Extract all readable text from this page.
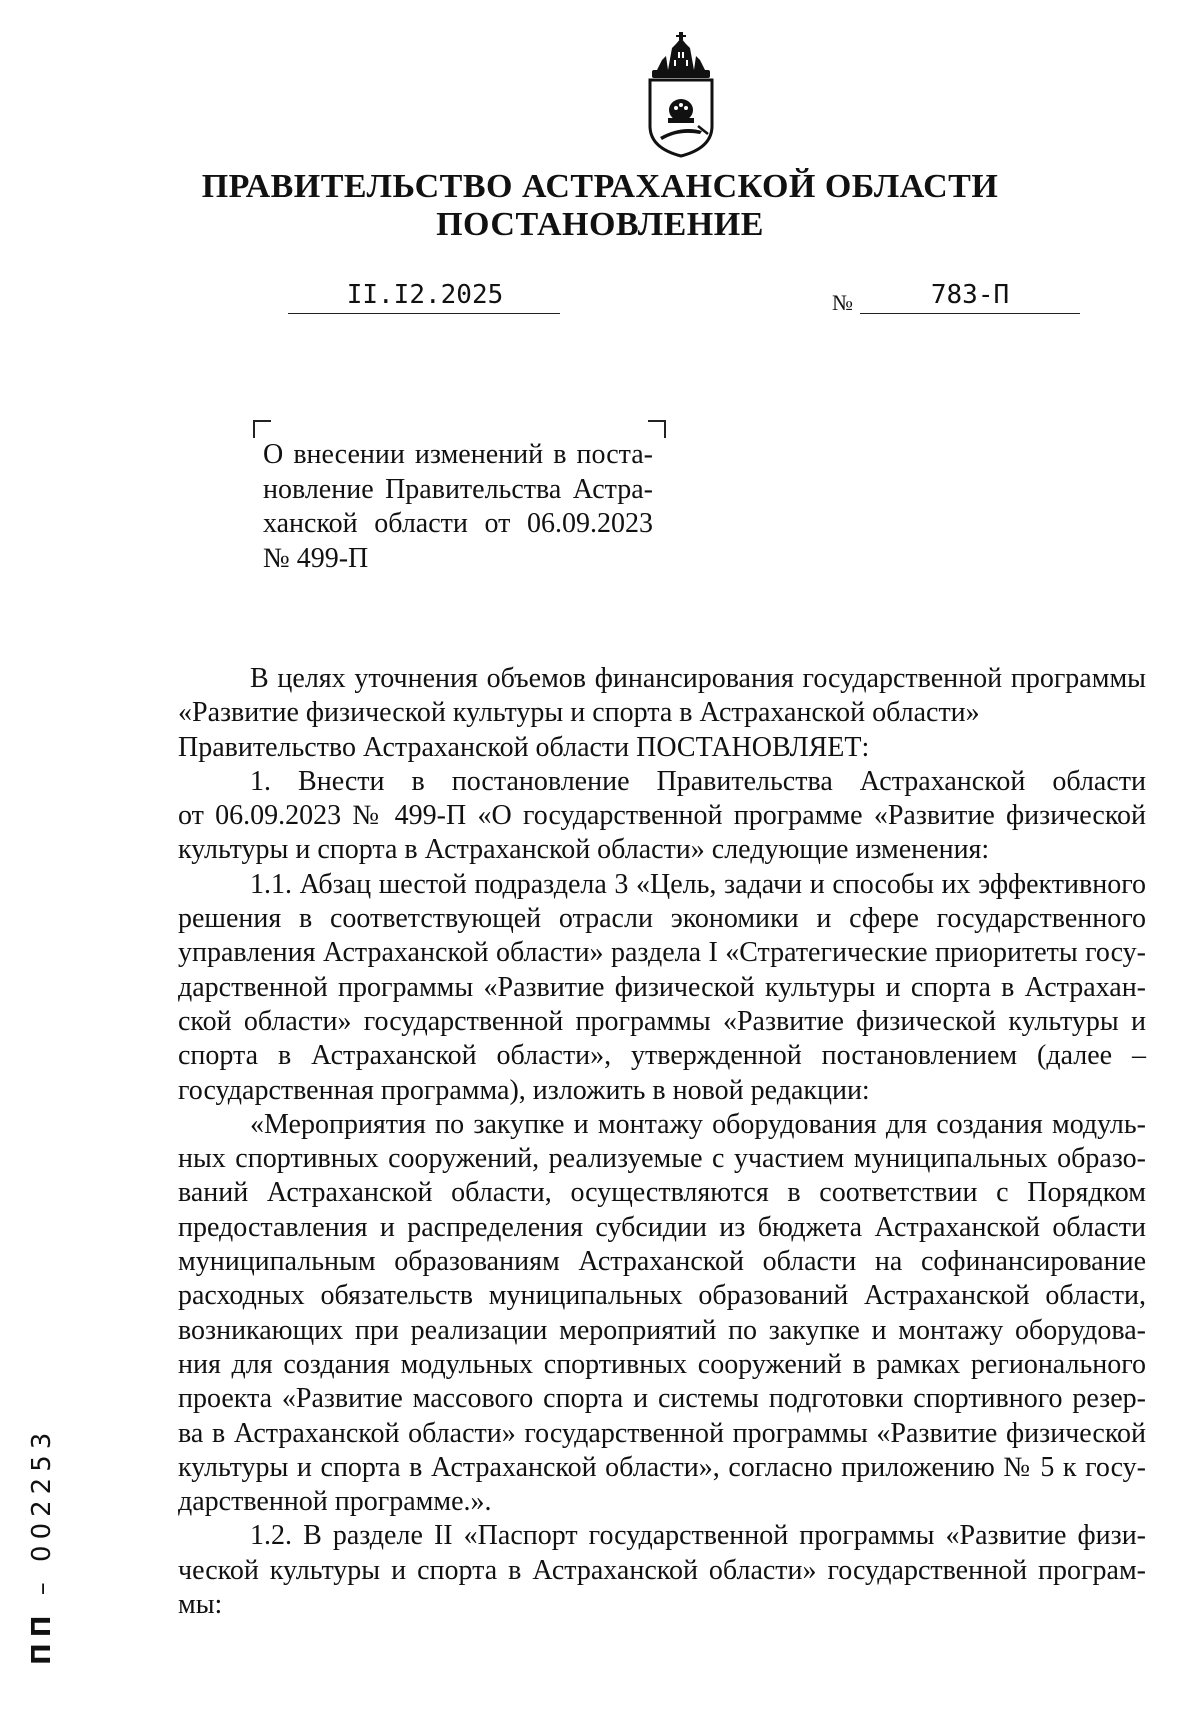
ПРАВИТЕЛЬСТВО АСТРАХАНСКОЙ ОБЛАСТИ
ПОСТАНОВЛЕНИЕ
II.I2.2025	№	783-П
О внесении изменений в поста-
новление Правительства Астра-
ханской области от 06.09.2023
№ 499-П
В целях уточнения объемов финансирования государственной программы
«Развитие физической культуры и спорта в Астраханской области»
Правительство Астраханской области ПОСТАНОВЛЯЕТ:
1. Внести в постановление Правительства Астраханской области
от 06.09.2023 № 499-П «О государственной программе «Развитие физической
культуры и спорта в Астраханской области» следующие изменения:
1.1. Абзац шестой подраздела 3 «Цель, задачи и способы их эффективного
решения в соответствующей отрасли экономики и сфере государственного
управления Астраханской области» раздела I «Стратегические приоритеты госу-
дарственной программы «Развитие физической культуры и спорта в Астрахан-
ской области» государственной программы «Развитие физической культуры и
спорта в Астраханской области», утвержденной постановлением (далее –
государственная программа), изложить в новой редакции:
«Мероприятия по закупке и монтажу оборудования для создания модуль-
ных спортивных сооружений, реализуемые с участием муниципальных образо-
ваний Астраханской области, осуществляются в соответствии с Порядком
предоставления и распределения субсидии из бюджета Астраханской области
муниципальным образованиям Астраханской области на софинансирование
расходных обязательств муниципальных образований Астраханской области,
возникающих при реализации мероприятий по закупке и монтажу оборудова-
ния для создания модульных спортивных сооружений в рамках регионального
проекта «Развитие массового спорта и системы подготовки спортивного резер-
ва в Астраханской области» государственной программы «Развитие физической
культуры и спорта в Астраханской области», согласно приложению № 5 к госу-
дарственной программе.».
1.2. В разделе II «Паспорт государственной программы «Развитие физи-
ческой культуры и спорта в Астраханской области» государственной програм-
мы:
ПП – 002253
